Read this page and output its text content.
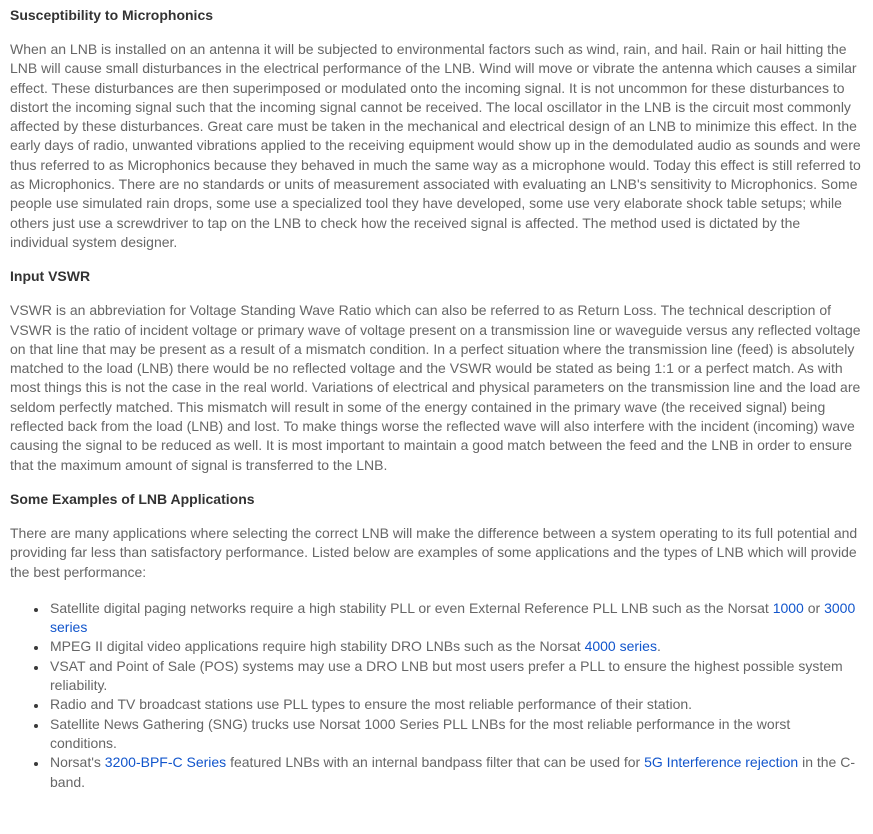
Susceptibility to Microphonics

When an LNB is installed on an antenna it will be subjected to environmental factors such as wind, rain, and hail. Rain or hail hitting the LNB will cause small disturbances in the electrical performance of the LNB. Wind will move or vibrate the antenna which causes a similar effect. These disturbances are then superimposed or modulated onto the incoming signal. It is not uncommon for these disturbances to distort the incoming signal such that the incoming signal cannot be received. The local oscillator in the LNB is the circuit most commonly affected by these disturbances. Great care must be taken in the mechanical and electrical design of an LNB to minimize this effect. In the early days of radio, unwanted vibrations applied to the receiving equipment would show up in the demodulated audio as sounds and were thus referred to as Microphonics because they behaved in much the same way as a microphone would. Today this effect is still referred to as Microphonics. There are no standards or units of measurement associated with evaluating an LNB's sensitivity to Microphonics. Some people use simulated rain drops, some use a specialized tool they have developed, some use very elaborate shock table setups; while others just use a screwdriver to tap on the LNB to check how the received signal is affected. The method used is dictated by the individual system designer.

Input VSWR

VSWR is an abbreviation for Voltage Standing Wave Ratio which can also be referred to as Return Loss. The technical description of VSWR is the ratio of incident voltage or primary wave of voltage present on a transmission line or waveguide versus any reflected voltage on that line that may be present as a result of a mismatch condition. In a perfect situation where the transmission line (feed) is absolutely matched to the load (LNB) there would be no reflected voltage and the VSWR would be stated as being 1:1 or a perfect match. As with most things this is not the case in the real world. Variations of electrical and physical parameters on the transmission line and the load are seldom perfectly matched. This mismatch will result in some of the energy contained in the primary wave (the received signal) being reflected back from the load (LNB) and lost. To make things worse the reflected wave will also interfere with the incident (incoming) wave causing the signal to be reduced as well. It is most important to maintain a good match between the feed and the LNB in order to ensure that the maximum amount of signal is transferred to the LNB.

Some Examples of LNB Applications

There are many applications where selecting the correct LNB will make the difference between a system operating to its full potential and providing far less than satisfactory performance. Listed below are examples of some applications and the types of LNB which will provide the best performance:

• Satellite digital paging networks require a high stability PLL or even External Reference PLL LNB such as the Norsat 1000 or 3000 series
• MPEG II digital video applications require high stability DRO LNBs such as the Norsat 4000 series.
• VSAT and Point of Sale (POS) systems may use a DRO LNB but most users prefer a PLL to ensure the highest possible system reliability.
• Radio and TV broadcast stations use PLL types to ensure the most reliable performance of their station.
• Satellite News Gathering (SNG) trucks use Norsat 1000 Series PLL LNBs for the most reliable performance in the worst conditions.
• Norsat's 3200-BPF-C Series featured LNBs with an internal bandpass filter that can be used for 5G Interference rejection in the C-band.
